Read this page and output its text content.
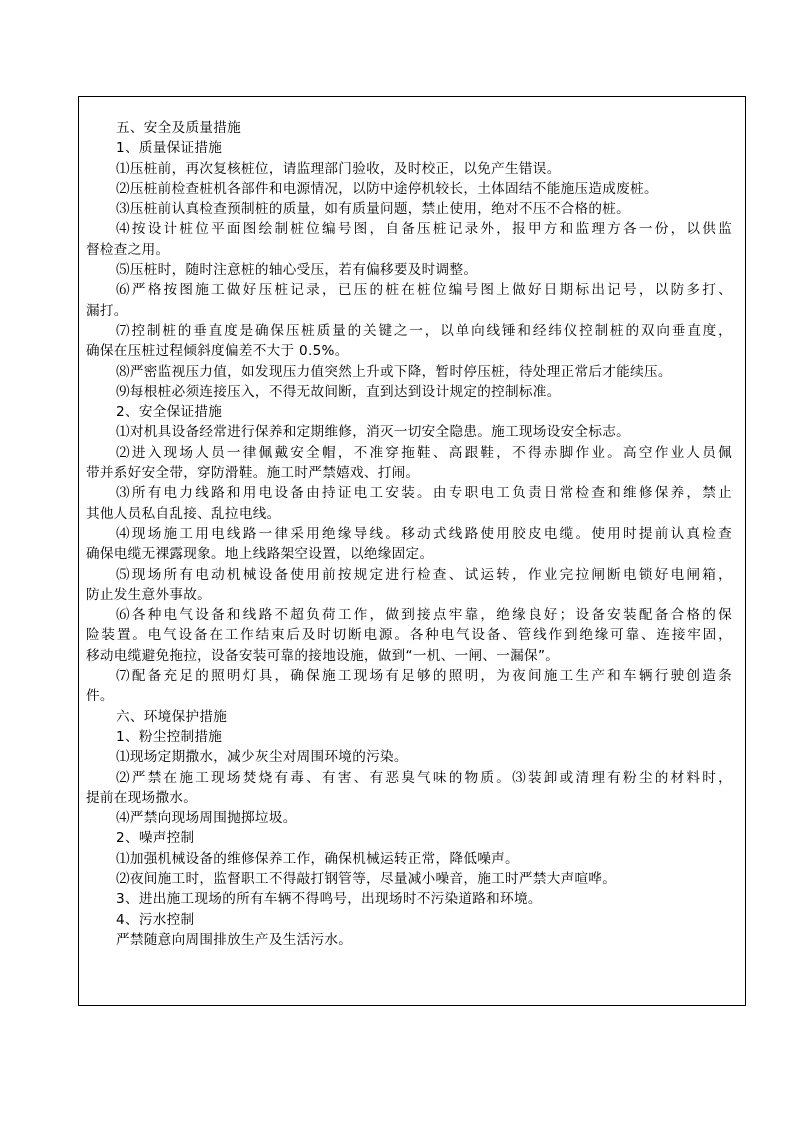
五、安全及质量措施
1、质量保证措施
⑴压桩前，再次复核桩位，请监理部门验收，及时校正，以免产生错误。
⑵压桩前检查桩机各部件和电源情况，以防中途停机较长，土体固结不能施压造成废桩。
⑶压桩前认真检查预制桩的质量，如有质量问题，禁止使用，绝对不压不合格的桩。
⑷按设计桩位平面图绘制桩位编号图，自备压桩记录外，报甲方和监理方各一份，以供监
督检查之用。
⑸压桩时，随时注意桩的轴心受压，若有偏移要及时调整。
⑹严格按图施工做好压桩记录，已压的桩在桩位编号图上做好日期标出记号，以防多打、
漏打。
⑺控制桩的垂直度是确保压桩质量的关键之一，以单向线锤和经纬仪控制桩的双向垂直度，
确保在压桩过程倾斜度偏差不大于 0.5%。
⑻严密监视压力值，如发现压力值突然上升或下降，暂时停压桩，待处理正常后才能续压。
⑼每根桩必须连接压入，不得无故间断，直到达到设计规定的控制标准。
2、安全保证措施
⑴对机具设备经常进行保养和定期维修，消灭一切安全隐患。施工现场设安全标志。
⑵进入现场人员一律佩戴安全帽，不准穿拖鞋、高跟鞋，不得赤脚作业。高空作业人员佩
带并系好安全带，穿防滑鞋。施工时严禁嬉戏、打闹。
⑶所有电力线路和用电设备由持证电工安装。由专职电工负责日常检查和维修保养，禁止
其他人员私自乱接、乱拉电线。
⑷现场施工用电线路一律采用绝缘导线。移动式线路使用胶皮电缆。使用时提前认真检查
确保电缆无裸露现象。地上线路架空设置，以绝缘固定。
⑸现场所有电动机械设备使用前按规定进行检查、试运转，作业完拉闸断电锁好电闸箱，
防止发生意外事故。
⑹各种电气设备和线路不超负荷工作，做到接点牢靠，绝缘良好；设备安装配备合格的保
险装置。电气设备在工作结束后及时切断电源。各种电气设备、管线作到绝缘可靠、连接牢固，
移动电缆避免拖拉，设备安装可靠的接地设施，做到“一机、一闸、一漏保”。
⑺配备充足的照明灯具，确保施工现场有足够的照明，为夜间施工生产和车辆行驶创造条
件。
六、环境保护措施
1、粉尘控制措施
⑴现场定期撒水，减少灰尘对周围环境的污染。
⑵严禁在施工现场焚烧有毒、有害、有恶臭气味的物质。⑶装卸或清理有粉尘的材料时，
提前在现场撒水。
⑷严禁向现场周围抛掷垃圾。
2、噪声控制
⑴加强机械设备的维修保养工作，确保机械运转正常，降低噪声。
⑵夜间施工时，监督职工不得敲打钢管等，尽量减小噪音，施工时严禁大声喧哗。
3、进出施工现场的所有车辆不得鸣号，出现场时不污染道路和环境。
4、污水控制
严禁随意向周围排放生产及生活污水。
